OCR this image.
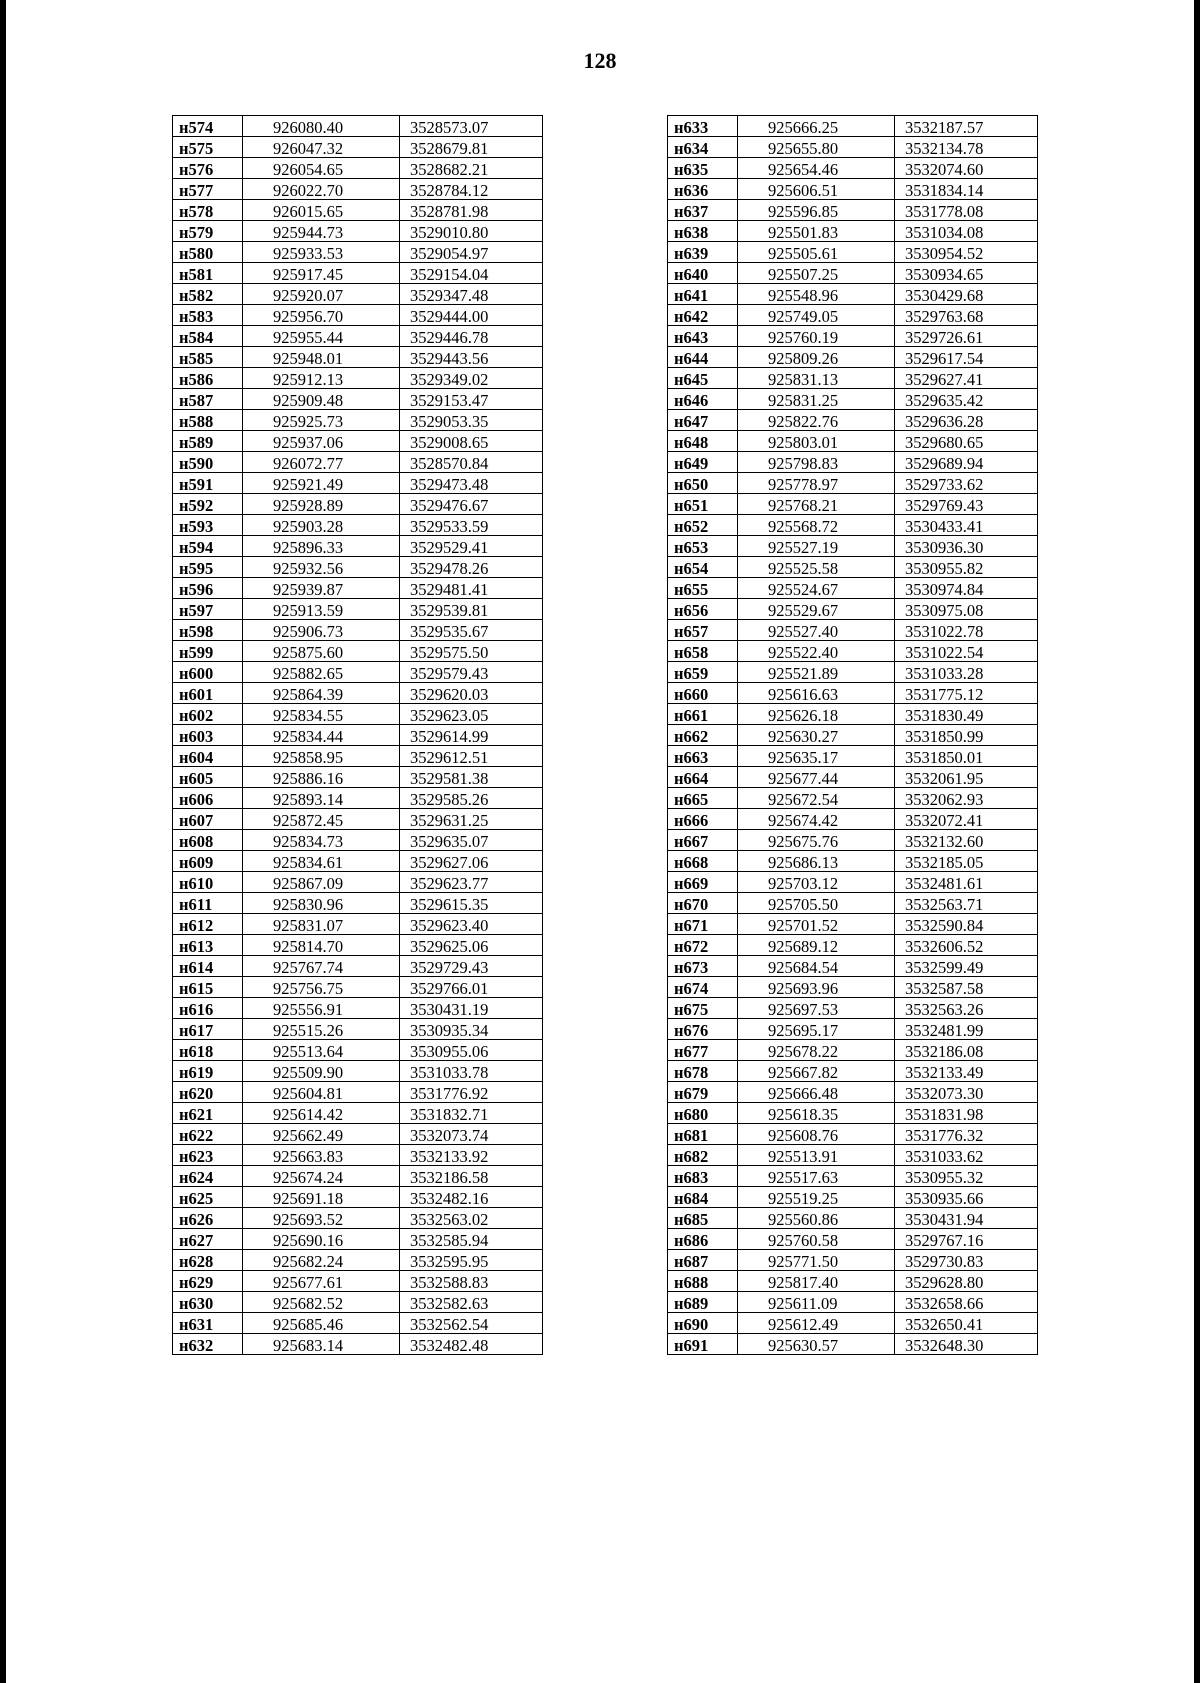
128
н574	926080.40	3528573.07
н575	926047.32	3528679.81
н576	926054.65	3528682.21
н577	926022.70	3528784.12
н578	926015.65	3528781.98
н579	925944.73	3529010.80
н580	925933.53	3529054.97
н581	925917.45	3529154.04
н582	925920.07	3529347.48
н583	925956.70	3529444.00
н584	925955.44	3529446.78
н585	925948.01	3529443.56
н586	925912.13	3529349.02
н587	925909.48	3529153.47
н588	925925.73	3529053.35
н589	925937.06	3529008.65
н590	926072.77	3528570.84
н591	925921.49	3529473.48
н592	925928.89	3529476.67
н593	925903.28	3529533.59
н594	925896.33	3529529.41
н595	925932.56	3529478.26
н596	925939.87	3529481.41
н597	925913.59	3529539.81
н598	925906.73	3529535.67
н599	925875.60	3529575.50
н600	925882.65	3529579.43
н601	925864.39	3529620.03
н602	925834.55	3529623.05
н603	925834.44	3529614.99
н604	925858.95	3529612.51
н605	925886.16	3529581.38
н606	925893.14	3529585.26
н607	925872.45	3529631.25
н608	925834.73	3529635.07
н609	925834.61	3529627.06
н610	925867.09	3529623.77
н611	925830.96	3529615.35
н612	925831.07	3529623.40
н613	925814.70	3529625.06
н614	925767.74	3529729.43
н615	925756.75	3529766.01
н616	925556.91	3530431.19
н617	925515.26	3530935.34
н618	925513.64	3530955.06
н619	925509.90	3531033.78
н620	925604.81	3531776.92
н621	925614.42	3531832.71
н622	925662.49	3532073.74
н623	925663.83	3532133.92
н624	925674.24	3532186.58
н625	925691.18	3532482.16
н626	925693.52	3532563.02
н627	925690.16	3532585.94
н628	925682.24	3532595.95
н629	925677.61	3532588.83
н630	925682.52	3532582.63
н631	925685.46	3532562.54
н632	925683.14	3532482.48
н633	925666.25	3532187.57
н634	925655.80	3532134.78
н635	925654.46	3532074.60
н636	925606.51	3531834.14
н637	925596.85	3531778.08
н638	925501.83	3531034.08
н639	925505.61	3530954.52
н640	925507.25	3530934.65
н641	925548.96	3530429.68
н642	925749.05	3529763.68
н643	925760.19	3529726.61
н644	925809.26	3529617.54
н645	925831.13	3529627.41
н646	925831.25	3529635.42
н647	925822.76	3529636.28
н648	925803.01	3529680.65
н649	925798.83	3529689.94
н650	925778.97	3529733.62
н651	925768.21	3529769.43
н652	925568.72	3530433.41
н653	925527.19	3530936.30
н654	925525.58	3530955.82
н655	925524.67	3530974.84
н656	925529.67	3530975.08
н657	925527.40	3531022.78
н658	925522.40	3531022.54
н659	925521.89	3531033.28
н660	925616.63	3531775.12
н661	925626.18	3531830.49
н662	925630.27	3531850.99
н663	925635.17	3531850.01
н664	925677.44	3532061.95
н665	925672.54	3532062.93
н666	925674.42	3532072.41
н667	925675.76	3532132.60
н668	925686.13	3532185.05
н669	925703.12	3532481.61
н670	925705.50	3532563.71
н671	925701.52	3532590.84
н672	925689.12	3532606.52
н673	925684.54	3532599.49
н674	925693.96	3532587.58
н675	925697.53	3532563.26
н676	925695.17	3532481.99
н677	925678.22	3532186.08
н678	925667.82	3532133.49
н679	925666.48	3532073.30
н680	925618.35	3531831.98
н681	925608.76	3531776.32
н682	925513.91	3531033.62
н683	925517.63	3530955.32
н684	925519.25	3530935.66
н685	925560.86	3530431.94
н686	925760.58	3529767.16
н687	925771.50	3529730.83
н688	925817.40	3529628.80
н689	925611.09	3532658.66
н690	925612.49	3532650.41
н691	925630.57	3532648.30
